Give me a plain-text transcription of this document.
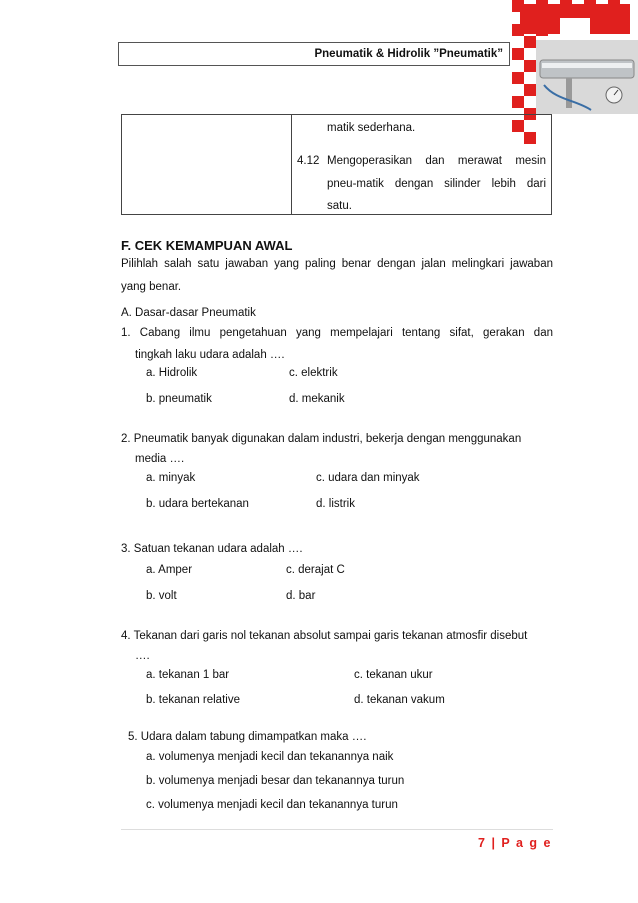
Pneumatik & Hidrolik ”Pneumatik”
matik sederhana.
4.12 Mengoperasikan dan merawat mesin
pneu-matik dengan silinder lebih dari
satu.
F. CEK KEMAMPUAN AWAL
Pilihlah salah satu jawaban yang paling benar dengan jalan melingkari jawaban
yang benar.
A. Dasar-dasar Pneumatik
1. Cabang ilmu pengetahuan yang mempelajari tentang sifat, gerakan dan
tingkah laku udara adalah ….
a. Hidrolik	c. elektrik
b. pneumatik	d. mekanik
2. Pneumatik banyak digunakan dalam industri, bekerja dengan menggunakan
media ….
a. minyak	c. udara dan minyak
b. udara bertekanan	d. listrik
3. Satuan tekanan udara adalah ….
a. Amper	c. derajat C
b. volt	d. bar
4. Tekanan dari garis nol tekanan absolut sampai garis tekanan atmosfir disebut
….
a. tekanan 1 bar	c. tekanan ukur
b. tekanan relative	d. tekanan vakum
5. Udara dalam tabung dimampatkan maka ….
a. volumenya menjadi kecil dan tekanannya naik
b. volumenya menjadi besar dan tekanannya turun
c. volumenya menjadi kecil dan tekanannya turun
7 | P a g e
